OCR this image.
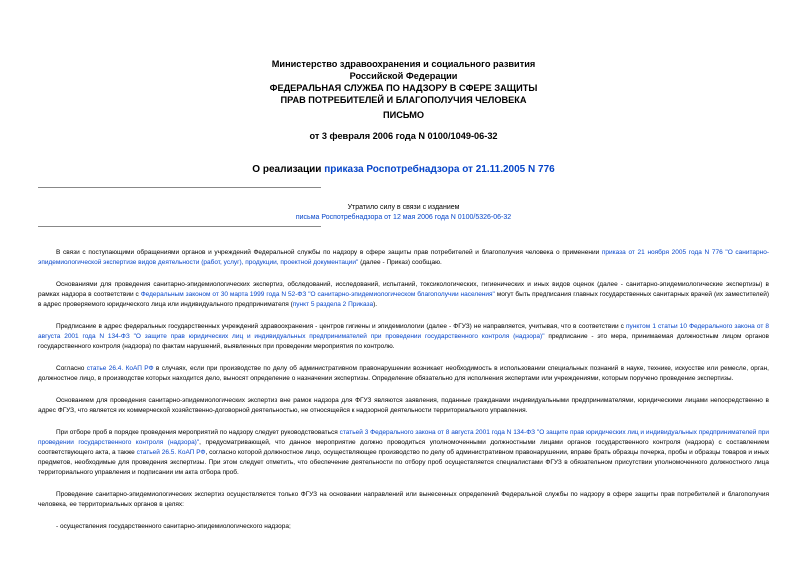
Министерство здравоохранения и социального развития
Российской Федерации
ФЕДЕРАЛЬНАЯ СЛУЖБА ПО НАДЗОРУ В СФЕРЕ ЗАЩИТЫ
ПРАВ ПОТРЕБИТЕЛЕЙ И БЛАГОПОЛУЧИЯ ЧЕЛОВЕКА
ПИСЬМО
от 3 февраля 2006 года N 0100/1049-06-32
О реализации приказа Роспотребнадзора от 21.11.2005 N 776
Утратило силу в связи с изданием
письма Роспотребнадзора от 12 мая 2006 года N 0100/5326-06-32

В связи с поступающими обращениями органов и учреждений Федеральной службы по надзору в сфере защиты прав потребителей и благополучия человека о применении приказа от 21 ноября 2005 года N 776 "О санитарно-эпидемиологической экспертизе видов деятельности (работ, услуг), продукции, проектной документации" (далее - Приказ) сообщаю.

Основаниями для проведения санитарно-эпидемиологических экспертиз, обследований, исследований, испытаний, токсикологических, гигиенических и иных видов оценок (далее - санитарно-эпидемиологические экспертизы) в рамках надзора в соответствии с Федеральным законом от 30 марта 1999 года N 52-ФЗ "О санитарно-эпидемиологическом благополучии населения" могут быть предписания главных государственных санитарных врачей (их заместителей) в адрес проверяемого юридического лица или индивидуального предпринимателя (пункт 5 раздела 2 Приказа).

Предписание в адрес федеральных государственных учреждений здравоохранения - центров гигиены и эпидемиологии (далее - ФГУЗ) не направляется, учитывая, что в соответствии с пунктом 1 статьи 10 Федерального закона от 8 августа 2001 года N 134-ФЗ "О защите прав юридических лиц и индивидуальных предпринимателей при проведении государственного контроля (надзора)" предписание - это мера, принимаемая должностным лицом органов государственного контроля (надзора) по фактам нарушений, выявленных при проведении мероприятия по контролю.

Согласно статье 26.4. КоАП РФ в случаях, если при производстве по делу об административном правонарушении возникает необходимость в использовании специальных познаний в науке, технике, искусстве или ремесле, орган, должностное лицо, в производстве которых находится дело, выносят определение о назначении экспертизы. Определение обязательно для исполнения экспертами или учреждениями, которым поручено проведение экспертизы.

Основанием для проведения санитарно-эпидемиологических экспертиз вне рамок надзора для ФГУЗ являются заявления, поданные гражданами индивидуальными предпринимателями, юридическими лицами непосредственно в адрес ФГУЗ, что является их коммерческой хозяйственно-договорной деятельностью, не относящейся к надзорной деятельности территориального управления.

При отборе проб в порядке проведения мероприятий по надзору следует руководствоваться статьей 3 Федерального закона от 8 августа 2001 года N 134-ФЗ "О защите прав юридических лиц и индивидуальных предпринимателей при проведении государственного контроля (надзора)", предусматривающей, что данное мероприятие должно проводиться уполномоченными должностными лицами органов государственного контроля (надзора) с составлением соответствующего акта, а также статьей 26.5. КоАП РФ, согласно которой должностное лицо, осуществляющее производство по делу об административном правонарушении, вправе брать образцы почерка, пробы и образцы товаров и иных предметов, необходимые для проведения экспертизы. При этом следует отметить, что обеспечение деятельности по отбору проб осуществляется специалистами ФГУЗ в обязательном присутствии уполномоченного должностного лица территориального управления и подписании им акта отбора проб.

Проведение санитарно-эпидемиологических экспертиз осуществляется только ФГУЗ на основании направлений или вынесенных определений Федеральной службы по надзору в сфере защиты прав потребителей и благополучия человека, ее территориальных органов в целях:

- осуществления государственного санитарно-эпидемиологического надзора;
